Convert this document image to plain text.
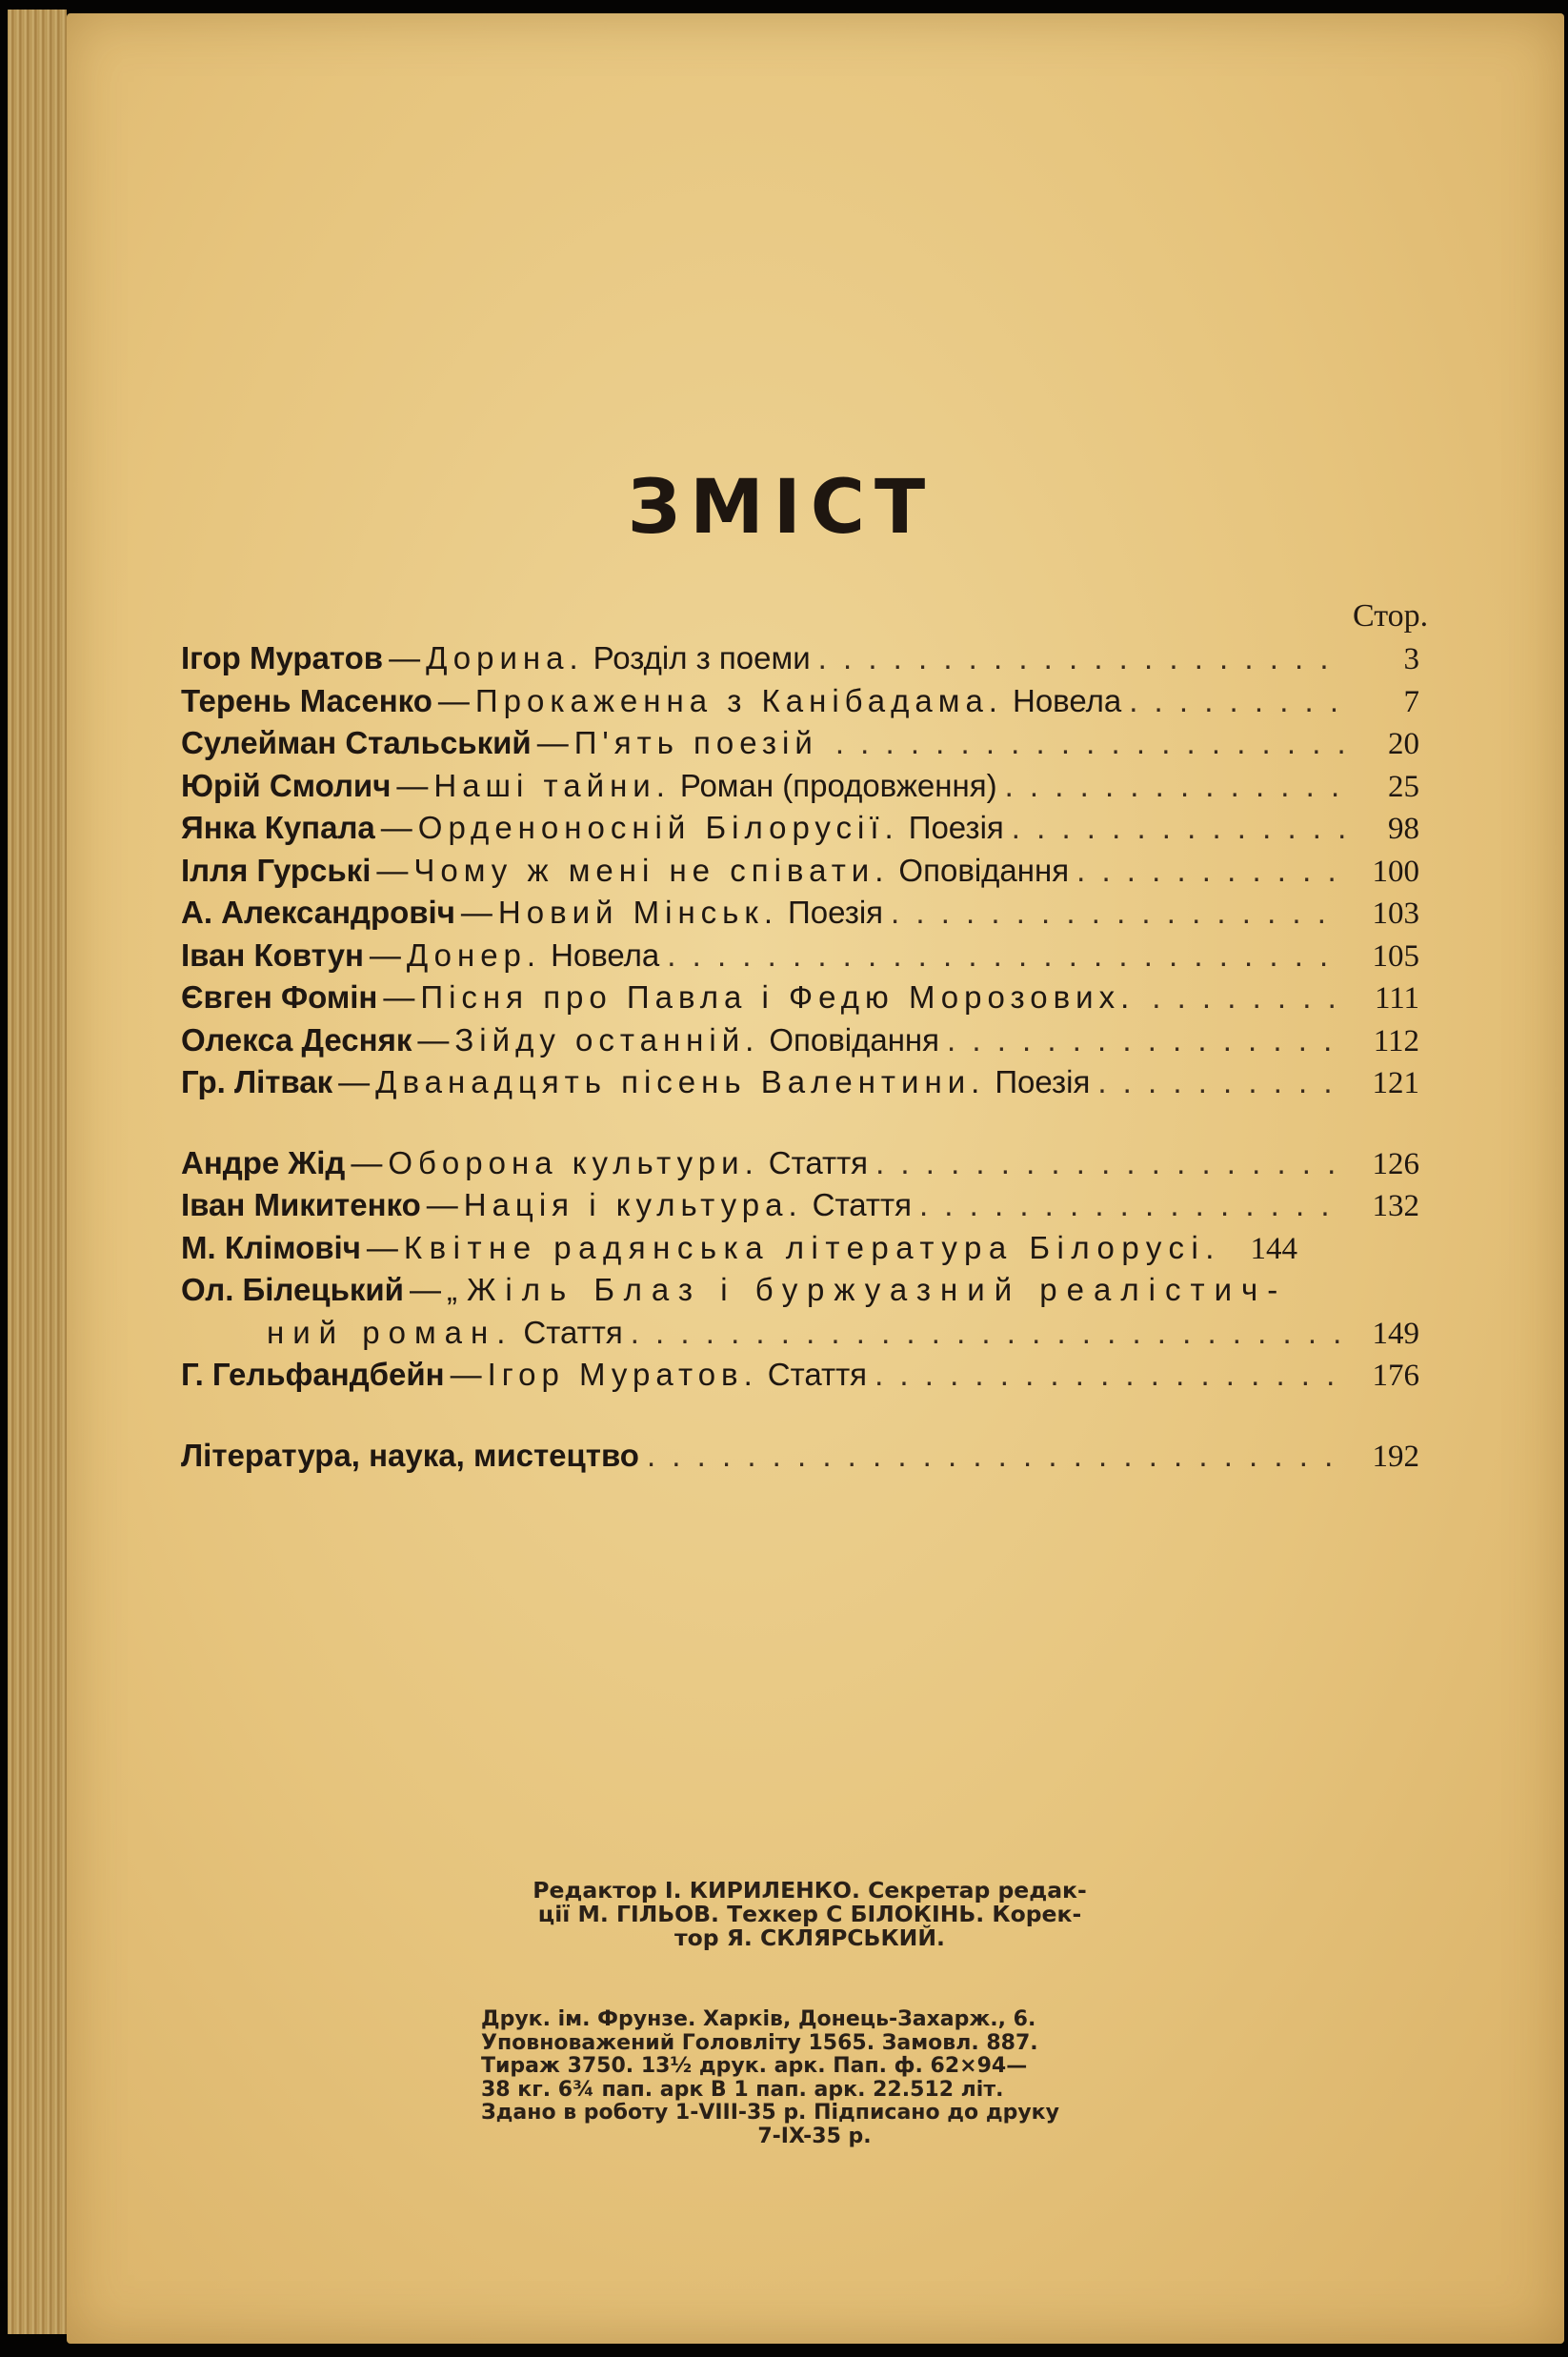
ЗМІСТ
Стор.
Ігор Муратов — Дорина. Розділ з поеми . . .	3
Терень Масенко — Прокаженна з Канібадама. Новела . . .	7
Сулейман Стальський — П'ять поезій . . .	20
Юрій Смолич — Наші тайни. Роман (продовження) . . .	25
Янка Купала — Орденоносній Білорусії. Поезія . . .	98
Ілля Гурські — Чому ж мені не співати. Оповідання . . .	100
А. Александровіч — Новий Мінськ. Поезія . . .	103
Іван Ковтун — Донер. Новела . . .	105
Євген Фомін — Пісня про Павла і Федю Морозових. . . .	111
Олекса Десняк — Зійду останній. Оповідання . . .	112
Гр. Літвак — Дванадцять пісень Валентини. Поезія . . .	121
Андре Жід — Оборона культури. Стаття . . .	126
Іван Микитенко — Нація і культура. Стаття . . .	132
М. Клімовіч — Квітне радянська література Білорусі. 144
Ол. Білецький — „Жіль Блаз і буржуазний реалістич-
ний роман. Стаття . . .	149
Г. Гельфандбейн — Ігор Муратов. Стаття . . .	176
Література, наука, мистецтво . . .	192
Редактор І. КИРИЛЕНКО. Секретар редак-
ції М. ГІЛЬОВ. Техкер С БІЛОКІНЬ. Корек-
тор Я. СКЛЯРСЬКИЙ.
Друк. ім. Фрунзе. Харків, Донець-Захарж., 6.
Уповноважений Головліту 1565. Замовл. 887.
Тираж 3750. 13½ друк. арк. Пап. ф. 62×94—
38 кг. 6¾ пап. арк В 1 пап. арк. 22.512 літ.
Здано в роботу 1-VIII-35 р. Підписано до друку
7-IX-35 р.
